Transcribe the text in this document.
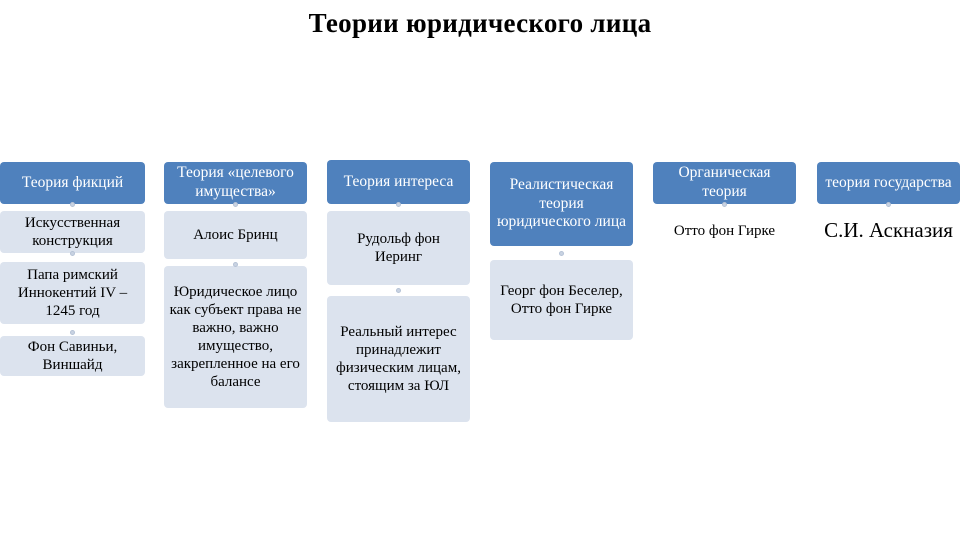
Теории юридического лица
Теория фикций
Искусственная конструкция
Папа римский Иннокентий IV – 1245 год
Фон Савиньи, Виншайд
Теория «целевого имущества»
Алоис Бринц
Юридическое лицо как субъект права не важно, важно имущество, закрепленное на его балансе
Теория интереса
Рудольф фон Иеринг
Реальный интерес принадлежит физическим лицам, стоящим за ЮЛ
Реалистическая теория юридического лица
Георг фон Беселер, Отто фон Гирке
Органическая теория
Отто фон Гирке
теория государства
С.И. Аскназия
